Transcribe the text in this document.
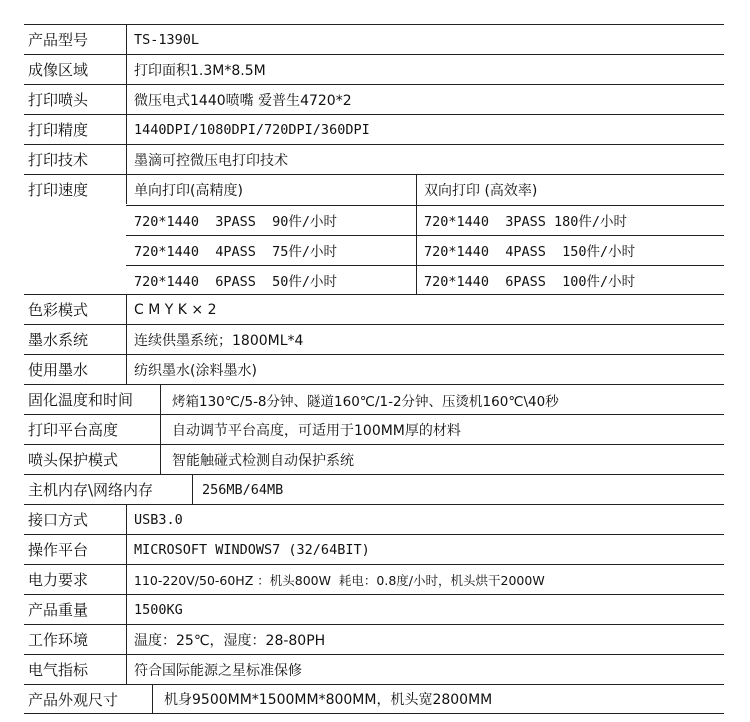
产品型号	TS-1390L
成像区域	打印面积1.3M*8.5M
打印喷头	微压电式1440喷嘴 爱普生4720*2
打印精度	1440DPI/1080DPI/720DPI/360DPI
打印技术	墨滴可控微压电打印技术
打印速度	单向打印(高精度)	双向打印 (高效率)
720*1440  3PASS  90件/小时	720*1440  3PASS 180件/小时
720*1440  4PASS  75件/小时	720*1440  4PASS  150件/小时
720*1440  6PASS  50件/小时	720*1440  6PASS  100件/小时
色彩模式	C M Y K × 2
墨水系统	连续供墨系统；1800ML*4
使用墨水	纺织墨水(涂料墨水)
固化温度和时间	烤箱130℃/5-8分钟、隧道160℃/1-2分钟、压烫机160℃\40秒
打印平台高度	自动调节平台高度，可适用于100MM厚的材料
喷头保护模式	智能触碰式检测自动保护系统
主机内存\网络内存	256MB/64MB
接口方式	USB3.0
操作平台	MICROSOFT WINDOWS7 (32/64BIT)
电力要求	110-220V/50-60HZ ：机头800W  耗电：0.8度/小时，机头烘干2000W
产品重量	1500KG
工作环境	温度：25℃，湿度：28-80PH
电气指标	符合国际能源之星标准保修
产品外观尺寸	机身9500MM*1500MM*800MM，机头宽2800MM
